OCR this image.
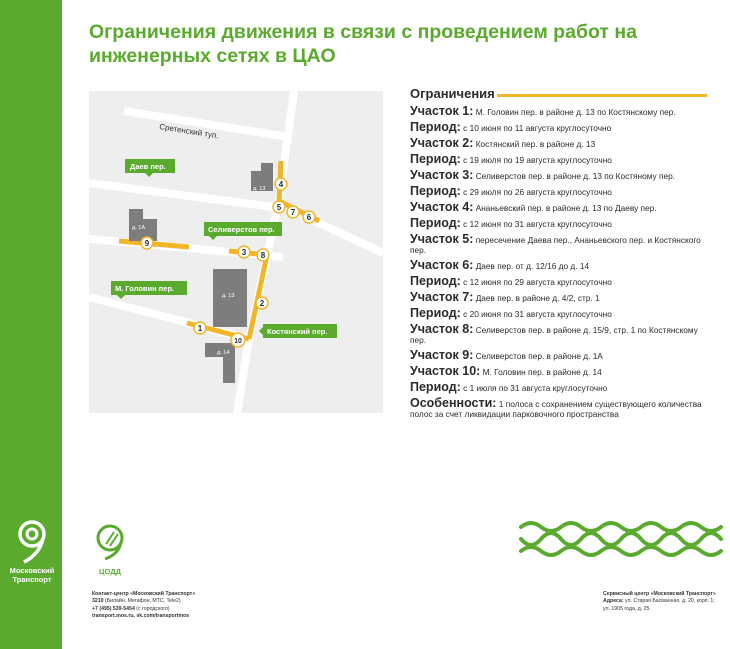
Московский
Транспорт
Ограничения движения в связи с проведением работ на инженерных сетях в ЦАО
д. 13
д. 1А
д. 13
д. 14
Сретенский туп.
Даев пер.
Селиверстов пер.
М. Головин пер.
Костянский пер.
1
2
3
4
5
6
7
8
9
10
Ограничения
Участок 1: М. Головин пер. в районе д. 13 по Костянскому пер.
Период: с 10 июня по 11 августа круглосуточно
Участок 2: Костянский пер. в районе д. 13
Период: с 19 июля по 19 августа круглосуточно
Участок 3: Селиверстов пер. в районе д. 13 по Костяному пер.
Период: с 29 июля по 26 августа круглосуточно
Участок 4: Ананьевский пер. в районе д. 13 по Даеву пер.
Период: с 12 июня по 31 августа круглосуточно
Участок 5: пересечение Даева пер., Ананьевского пер. и Костянского пер.
Участок 6: Даев пер. от д. 12/16 до д. 14
Период: с 12 июня по 29 августа круглосуточно
Участок 7: Даев пер. в районе д. 4/2, стр. 1
Период: с 20 июня по 31 августа круглосуточно
Участок 8: Селиверстов пер. в районе д. 15/9, стр. 1 по Костянскому пер.
Участок 9: Селиверстов пер. в районе д. 1А
Участок 10: М. Головин пер. в районе д. 14
Период: с 1 июля по 31 августа круглосуточно
Особенности: 1 полоса с сохранением существующего количества полос за счет ликвидации парковочного пространства
ЦОДД
Контакт-центр «Московский Транспорт»
3210 (Билайн, Мегафон, МТС, Tele2)
+7 (495) 539-5454 (с городского)
transport.mos.ru, vk.com/transportmos
Сервисный центр «Московский Транспорт»
Адреса: ул. Старая Басманная, д. 20, корп. 1;
ул. 1905 года, д. 25.
